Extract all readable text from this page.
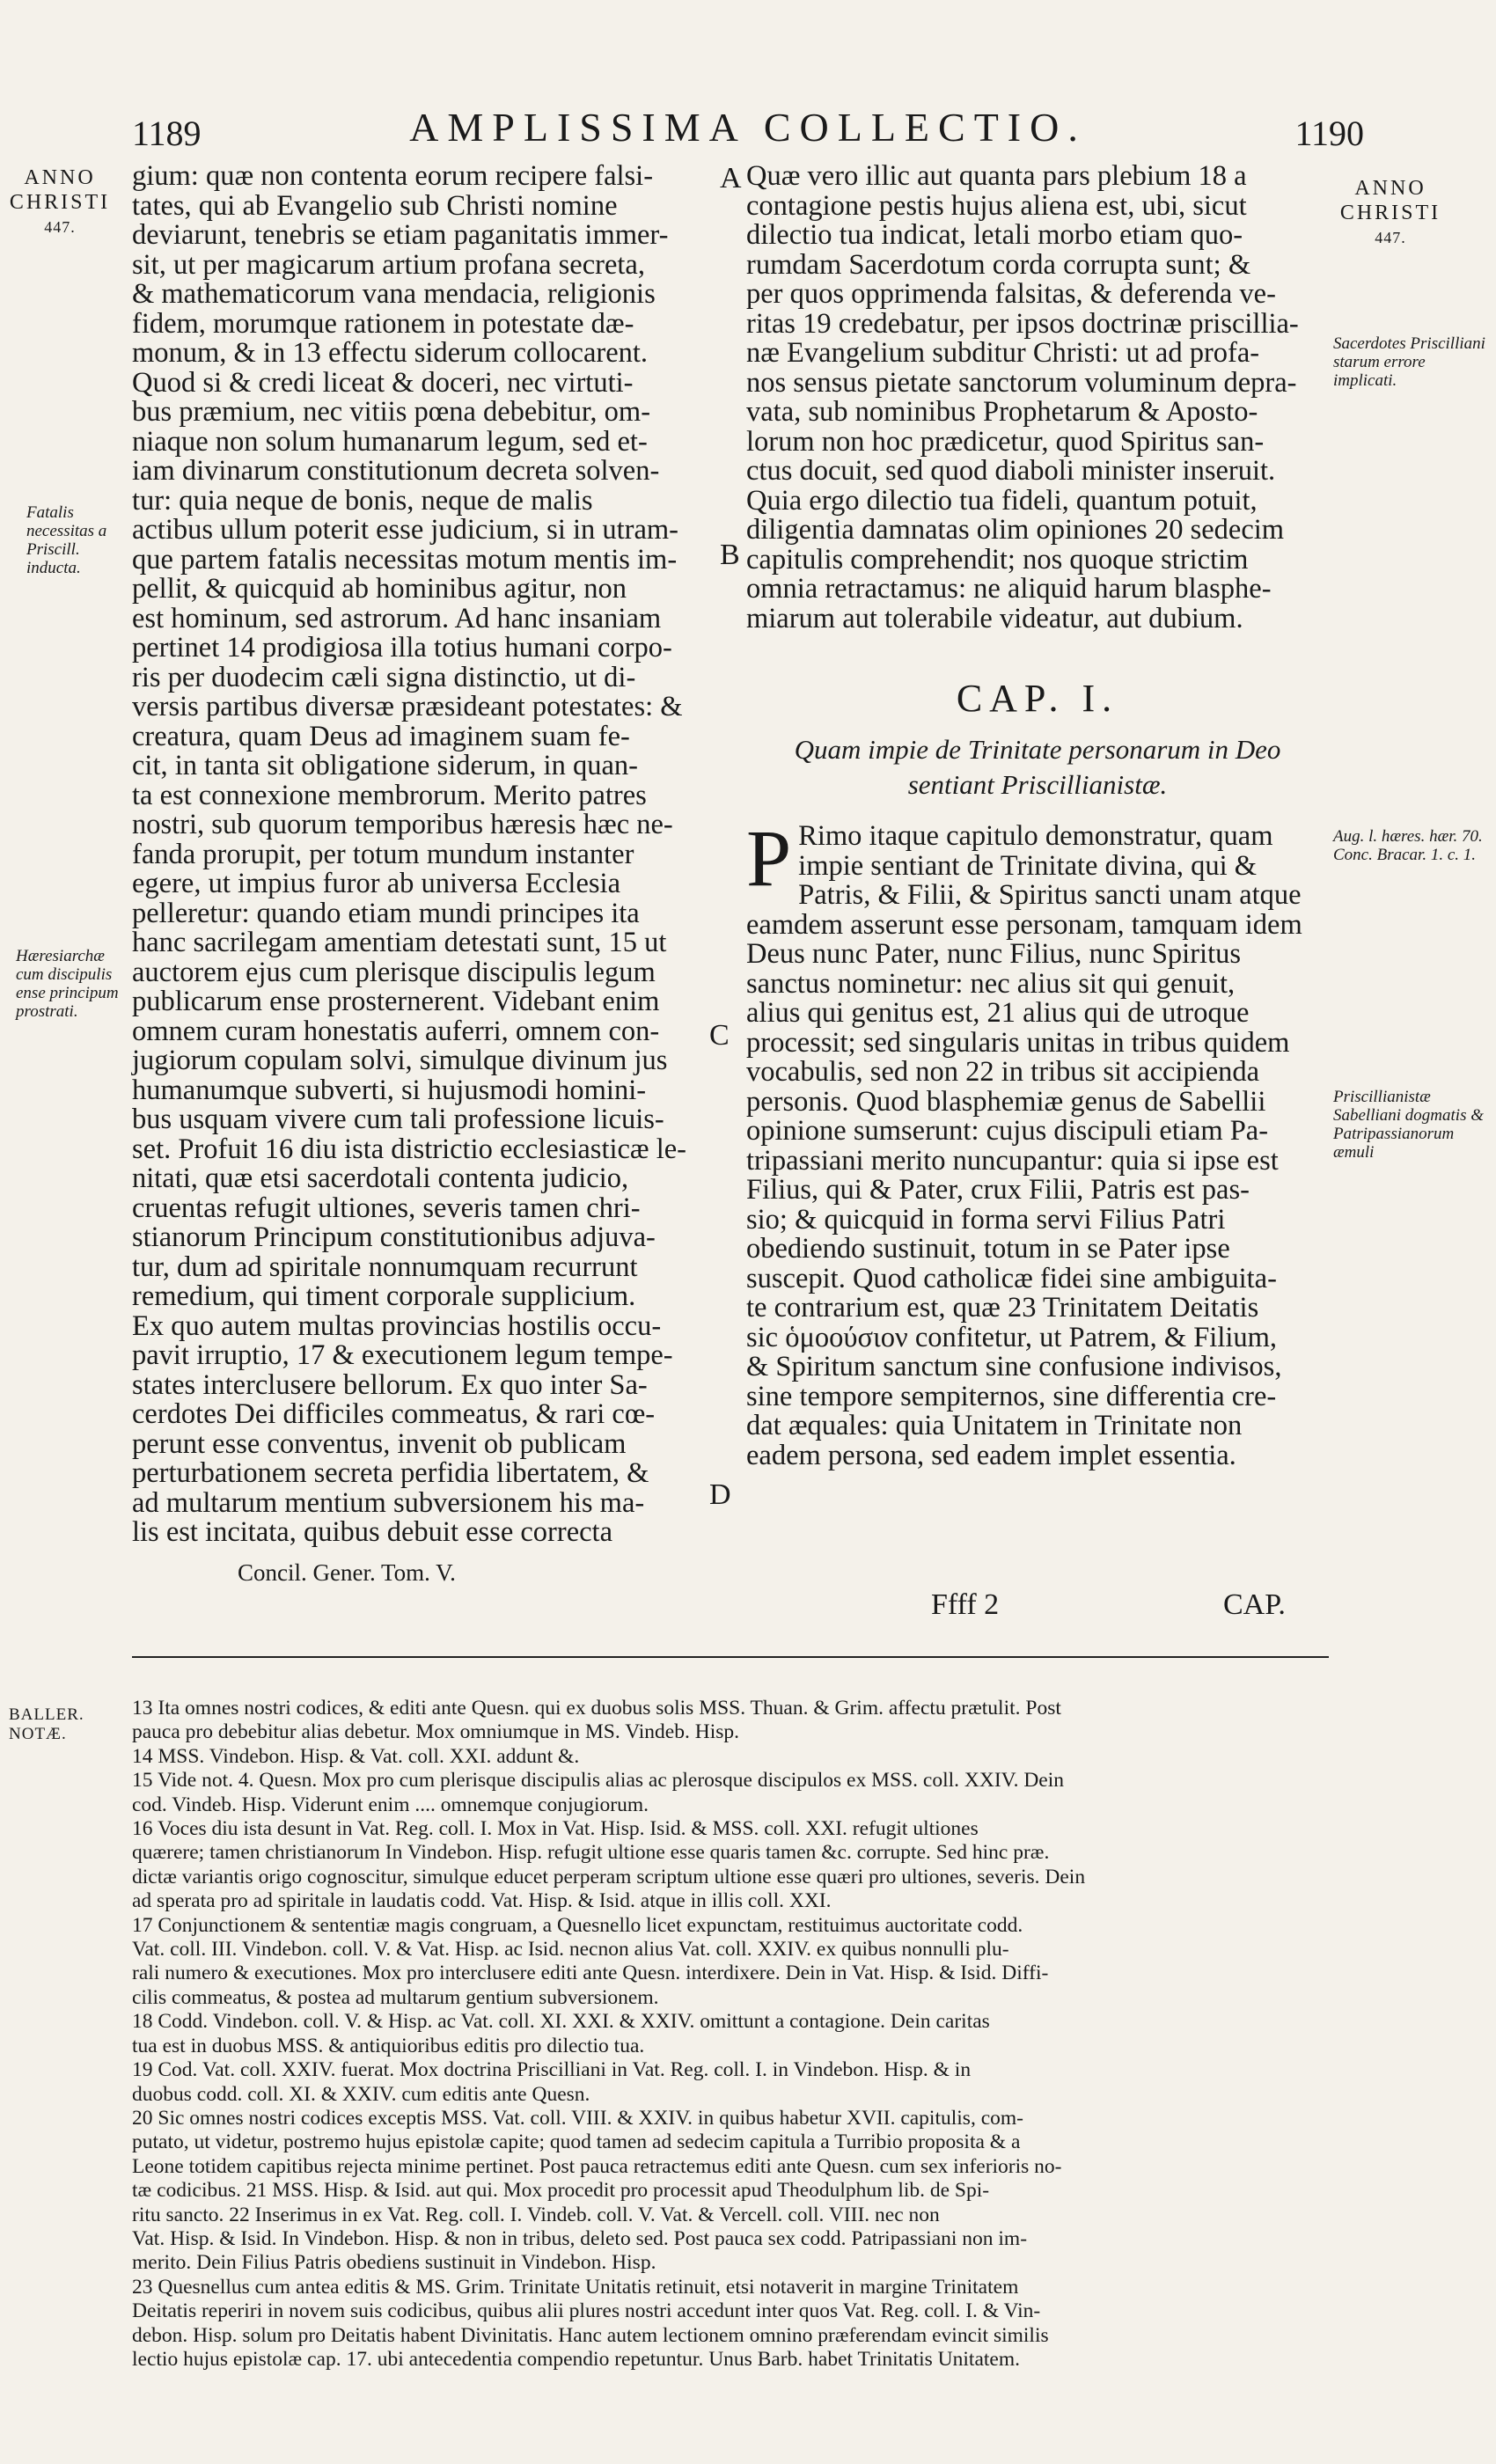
1189	AMPLISSIMA COLLECTIO.	1190
ANNO CHRISTI
447.
ANNO CHRISTI
447.
Fatalis necessitas a Priscill. inducta.
Hæresiarchæ cum discipulis ense principum prostrati.
Sacerdotes Priscilliani starum errore implicati.
Aug. l. hæres. hær. 70. Conc. Bracar. 1. c. 1.
Priscillianistæ Sabelliani dogmatis & Patripassianorum æmuli
A
B
C
D

gium: quæ non contenta eorum recipere falsi-

tates, qui ab Evangelio sub Christi nomine

deviarunt, tenebris se etiam paganitatis immer-

sit, ut per magicarum artium profana secreta,

& mathematicorum vana mendacia, religionis

fidem, morumque rationem in potestate dæ-

monum, & in 13 effectu siderum collocarent.

Quod si & credi liceat & doceri, nec virtuti-

bus præmium, nec vitiis pœna debebitur, om-

niaque non solum humanarum legum, sed et-

iam divinarum constitutionum decreta solven-

tur: quia neque de bonis, neque de malis

actibus ullum poterit esse judicium, si in utram-

que partem fatalis necessitas motum mentis im-

pellit, & quicquid ab hominibus agitur, non

est hominum, sed astrorum. Ad hanc insaniam

pertinet 14 prodigiosa illa totius humani corpo-

ris per duodecim cæli signa distinctio, ut di-

versis partibus diversæ præsideant potestates: &

creatura, quam Deus ad imaginem suam fe-

cit, in tanta sit obligatione siderum, in quan-

ta est connexione membrorum. Merito patres

nostri, sub quorum temporibus hæresis hæc ne-

fanda prorupit, per totum mundum instanter

egere, ut impius furor ab universa Ecclesia

pelleretur: quando etiam mundi principes ita

hanc sacrilegam amentiam detestati sunt, 15 ut

auctorem ejus cum plerisque discipulis legum

publicarum ense prosternerent. Videbant enim

omnem curam honestatis auferri, omnem con-

jugiorum copulam solvi, simulque divinum jus

humanumque subverti, si hujusmodi homini-

bus usquam vivere cum tali professione licuis-

set. Profuit 16 diu ista districtio ecclesiasticæ le-

nitati, quæ etsi sacerdotali contenta judicio,

cruentas refugit ultiones, severis tamen chri-

stianorum Principum constitutionibus adjuva-

tur, dum ad spiritale nonnumquam recurrunt

remedium, qui timent corporale supplicium.

Ex quo autem multas provincias hostilis occu-

pavit irruptio, 17 & executionem legum tempe-

states interclusere bellorum. Ex quo inter Sa-

cerdotes Dei difficiles commeatus, & rari cœ-

perunt esse conventus, invenit ob publicam

perturbationem secreta perfidia libertatem, &

ad multarum mentium subversionem his ma-

lis est incitata, quibus debuit esse correcta

Concil. Gener. Tom. V.

Quæ vero illic aut quanta pars plebium 18 a

contagione pestis hujus aliena est, ubi, sicut

dilectio tua indicat, letali morbo etiam quo-

rumdam Sacerdotum corda corrupta sunt; &

per quos opprimenda falsitas, & deferenda ve-

ritas 19 credebatur, per ipsos doctrinæ priscillia-

næ Evangelium subditur Christi: ut ad profa-

nos sensus pietate sanctorum voluminum depra-

vata, sub nominibus Prophetarum & Aposto-

lorum non hoc prædicetur, quod Spiritus san-

ctus docuit, sed quod diaboli minister inseruit.

Quia ergo dilectio tua fideli, quantum potuit,

diligentia damnatas olim opiniones 20 sedecim

capitulis comprehendit; nos quoque strictim

omnia retractamus: ne aliquid harum blasphe-

miarum aut tolerabile videatur, aut dubium.

CAP. I.
Quam impie de Trinitate personarum in Deo
sentiant Priscillianistæ.
P Rimo itaque capitulo demonstratur, quam

impie sentiant de Trinitate divina, qui &

Patris, & Filii, & Spiritus sancti unam atque

eamdem asserunt esse personam, tamquam idem

Deus nunc Pater, nunc Filius, nunc Spiritus

sanctus nominetur: nec alius sit qui genuit,

alius qui genitus est, 21 alius qui de utroque

processit; sed singularis unitas in tribus quidem

vocabulis, sed non 22 in tribus sit accipienda

personis. Quod blasphemiæ genus de Sabellii

opinione sumserunt: cujus discipuli etiam Pa-

tripassiani merito nuncupantur: quia si ipse est

Filius, qui & Pater, crux Filii, Patris est pas-

sio; & quicquid in forma servi Filius Patri

obediendo sustinuit, totum in se Pater ipse

suscepit. Quod catholicæ fidei sine ambiguita-

te contrarium est, quæ 23 Trinitatem Deitatis

sic ὁμοούσιον confitetur, ut Patrem, & Filium,

& Spiritum sanctum sine confusione indivisos,

sine tempore sempiternos, sine differentia cre-

dat æquales: quia Unitatem in Trinitate non

eadem persona, sed eadem implet essentia.

Ffff 2	CAP.
BALLER. NOTÆ.

13 Ita omnes nostri codices, & editi ante Quesn. qui ex duobus solis MSS. Thuan. & Grim. affectu prætulit. Post

pauca pro debebitur alias debetur. Mox omniumque in MS. Vindeb. Hisp.

14 MSS. Vindebon. Hisp. & Vat. coll. XXI. addunt &.

15 Vide not. 4. Quesn. Mox pro cum plerisque discipulis alias ac plerosque discipulos ex MSS. coll. XXIV. Dein

cod. Vindeb. Hisp. Viderunt enim .... omnemque conjugiorum.

16 Voces diu ista desunt in Vat. Reg. coll. I. Mox in Vat. Hisp. Isid. & MSS. coll. XXI. refugit ultiones

quærere; tamen christianorum In Vindebon. Hisp. refugit ultione esse quaris tamen &c. corrupte. Sed hinc præ.

dictæ variantis origo cognoscitur, simulque educet perperam scriptum ultione esse quæri pro ultiones, severis. Dein

ad sperata pro ad spiritale in laudatis codd. Vat. Hisp. & Isid. atque in illis coll. XXI.

17 Conjunctionem & sententiæ magis congruam, a Quesnello licet expunctam, restituimus auctoritate codd.

Vat. coll. III. Vindebon. coll. V. & Vat. Hisp. ac Isid. necnon alius Vat. coll. XXIV. ex quibus nonnulli plu-

rali numero & executiones. Mox pro interclusere editi ante Quesn. interdixere. Dein in Vat. Hisp. & Isid. Diffi-

cilis commeatus, & postea ad multarum gentium subversionem.

18 Codd. Vindebon. coll. V. & Hisp. ac Vat. coll. XI. XXI. & XXIV. omittunt a contagione. Dein caritas

tua est in duobus MSS. & antiquioribus editis pro dilectio tua.

19 Cod. Vat. coll. XXIV. fuerat. Mox doctrina Priscilliani in Vat. Reg. coll. I. in Vindebon. Hisp. & in

duobus codd. coll. XI. & XXIV. cum editis ante Quesn.

20 Sic omnes nostri codices exceptis MSS. Vat. coll. VIII. & XXIV. in quibus habetur XVII. capitulis, com-

putato, ut videtur, postremo hujus epistolæ capite; quod tamen ad sedecim capitula a Turribio proposita & a

Leone totidem capitibus rejecta minime pertinet. Post pauca retractemus editi ante Quesn. cum sex inferioris no-

tæ codicibus. 21 MSS. Hisp. & Isid. aut qui. Mox procedit pro processit apud Theodulphum lib. de Spi-

ritu sancto. 22 Inserimus in ex Vat. Reg. coll. I. Vindeb. coll. V. Vat. & Vercell. coll. VIII. nec non

Vat. Hisp. & Isid. In Vindebon. Hisp. & non in tribus, deleto sed. Post pauca sex codd. Patripassiani non im-

merito. Dein Filius Patris obediens sustinuit in Vindebon. Hisp.

23 Quesnellus cum antea editis & MS. Grim. Trinitate Unitatis retinuit, etsi notaverit in margine Trinitatem

Deitatis reperiri in novem suis codicibus, quibus alii plures nostri accedunt inter quos Vat. Reg. coll. I. & Vin-

debon. Hisp. solum pro Deitatis habent Divinitatis. Hanc autem lectionem omnino præferendam evincit similis

lectio hujus epistolæ cap. 17. ubi antecedentia compendio repetuntur. Unus Barb. habet Trinitatis Unitatem.
